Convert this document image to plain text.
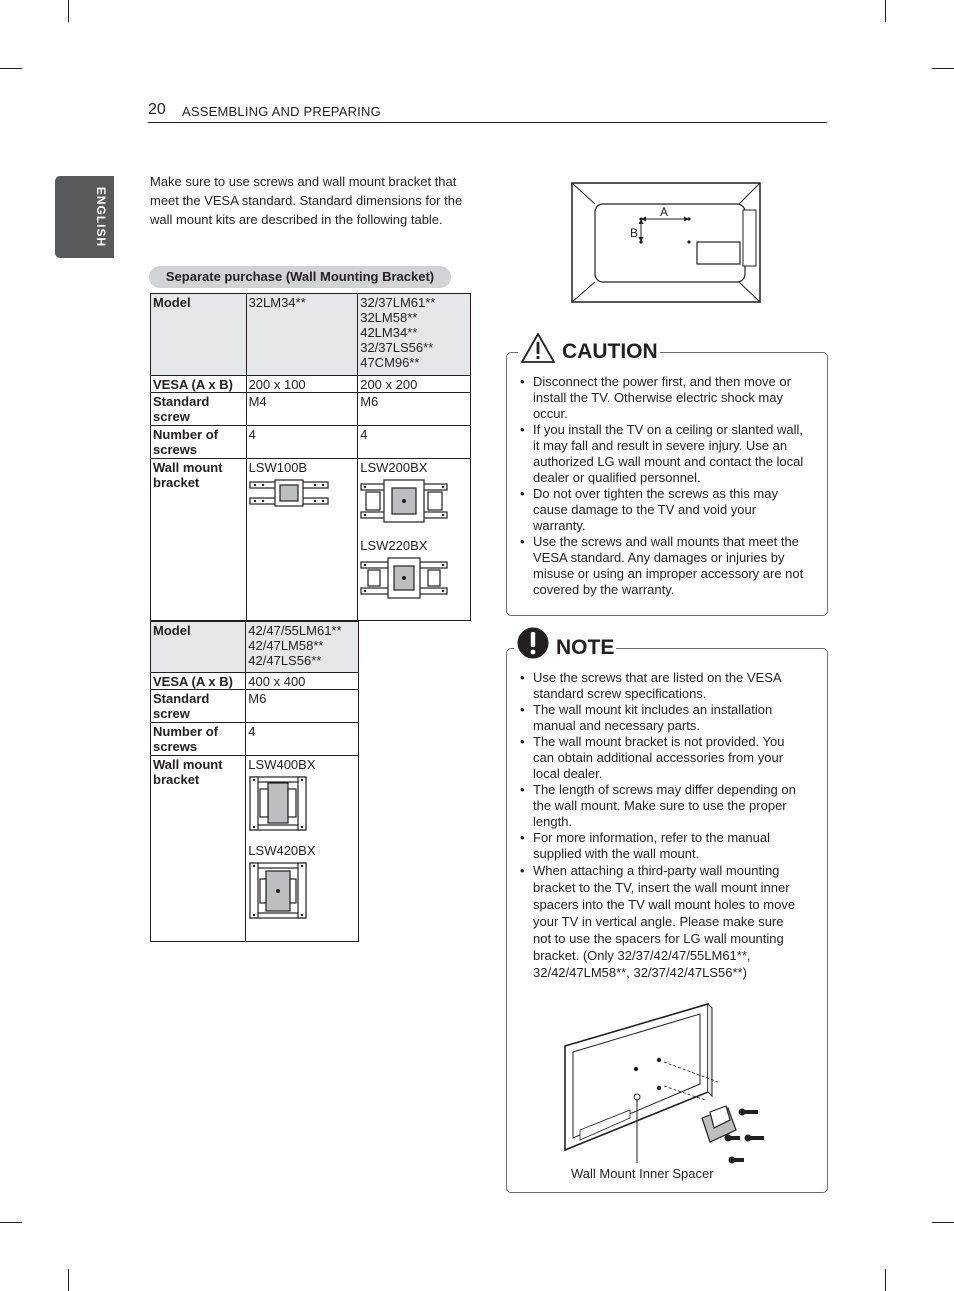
20 ASSEMBLING AND PREPARING
ENGLISH
Make sure to use screws and wall mount bracket that meet the VESA standard. Standard dimensions for the wall mount kits are described in the following table.
Separate purchase (Wall Mounting Bracket)
Model	32LM34**	32/37LM61**
32LM58**
42LM34**
32/37LS56**
47CM96**

VESA (A x B)	200 x 100	200 x 200
Standard screw	M4	M6
Number of screws	4	4
Wall mount bracket	LSW100B	LSW200BX
LSW220BX
Model	42/47/55LM61**
42/47LM58**
42/47LS56**

VESA (A x B)	400 x 400
Standard screw	M6
Number of screws	4
Wall mount bracket	LSW400BX
LSW420BX
A
B
CAUTION
• Disconnect the power first, and then move or install the TV. Otherwise electric shock may occur.
• If you install the TV on a ceiling or slanted wall, it may fall and result in severe injury. Use an authorized LG wall mount and contact the local dealer or qualified personnel.
• Do not over tighten the screws as this may cause damage to the TV and void your warranty.
• Use the screws and wall mounts that meet the VESA standard. Any damages or injuries by misuse or using an improper accessory are not covered by the warranty.
NOTE
• Use the screws that are listed on the VESA standard screw specifications.
• The wall mount kit includes an installation manual and necessary parts.
• The wall mount bracket is not provided. You can obtain additional accessories from your local dealer.
• The length of screws may differ depending on the wall mount. Make sure to use the proper length.
• For more information, refer to the manual supplied with the wall mount.
• When attaching a third-party wall mounting bracket to the TV, insert the wall mount inner spacers into the TV wall mount holes to move your TV in vertical angle. Please make sure not to use the spacers for LG wall mounting bracket. (Only 32/37/42/47/55LM61**, 32/42/47LM58**, 32/37/42/47LS56**)
Wall Mount Inner Spacer
